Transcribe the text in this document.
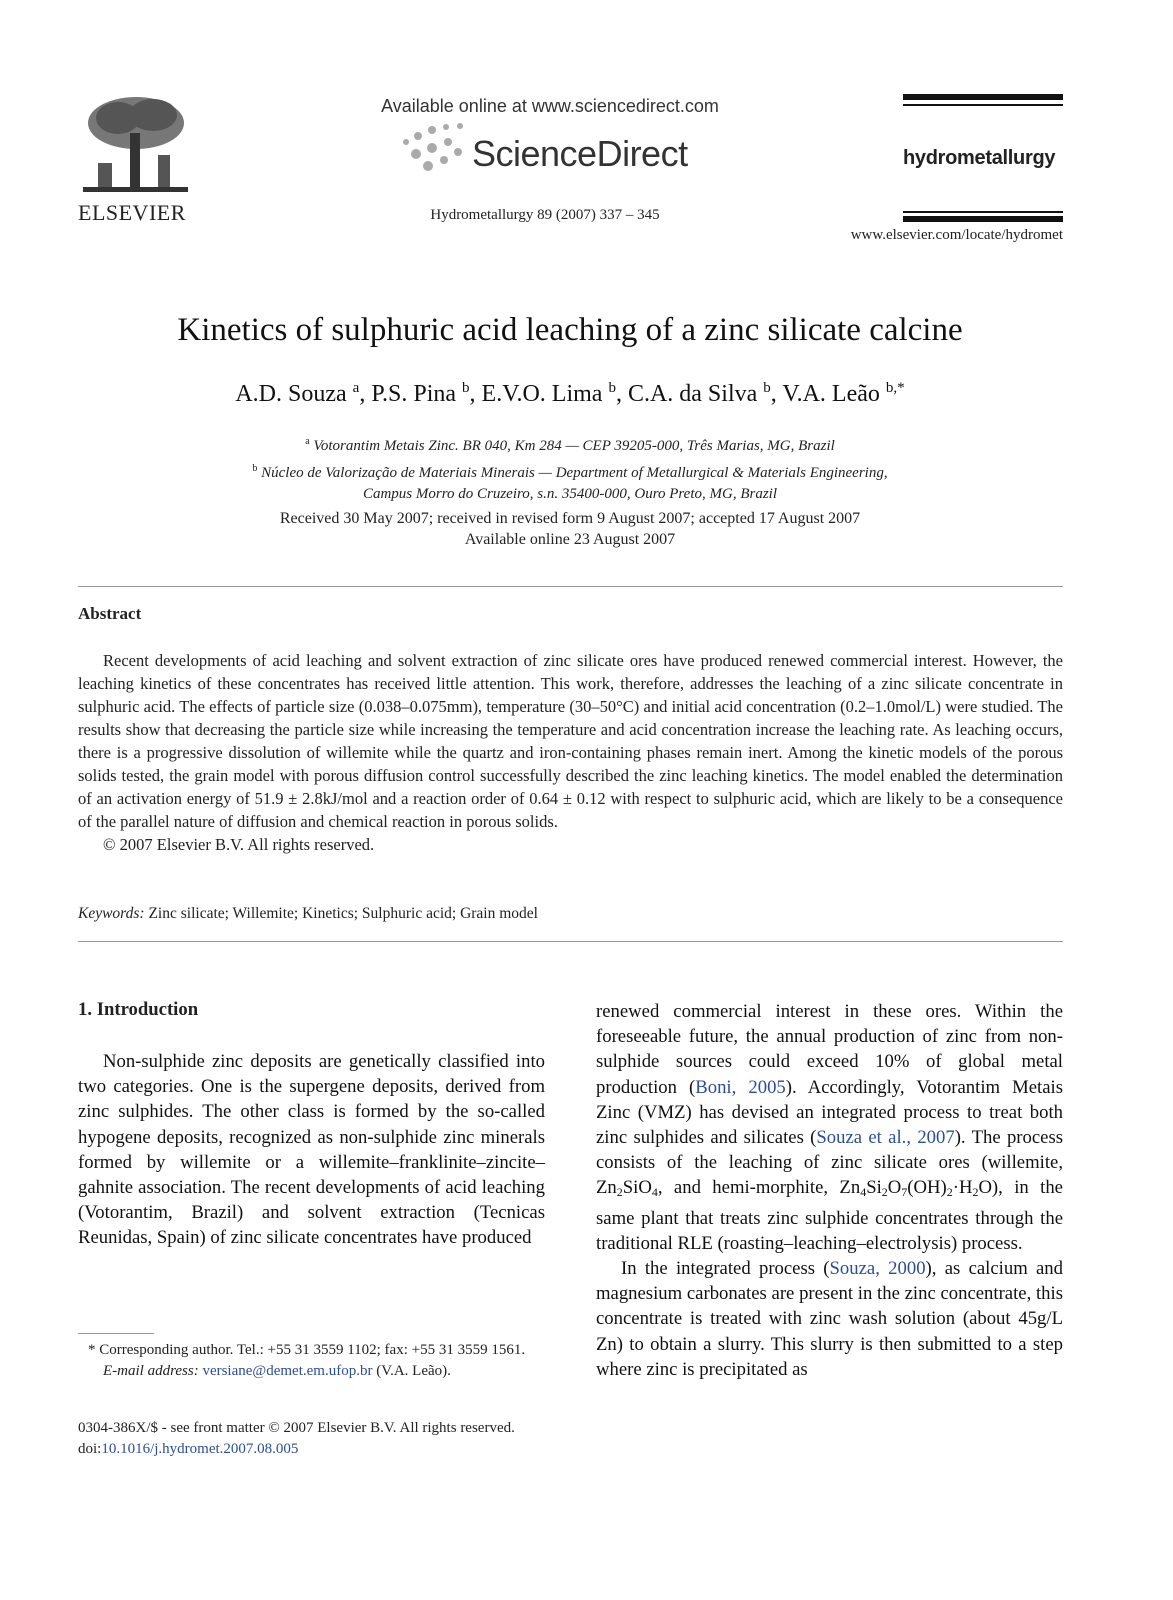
ELSEVIER
Available online at www.sciencedirect.com
ScienceDirect
Hydrometallurgy 89 (2007) 337 – 345
hydrometallurgy
www.elsevier.com/locate/hydromet
Kinetics of sulphuric acid leaching of a zinc silicate calcine
A.D. Souza $^a$, P.S. Pina $^b$, E.V.O. Lima $^b$, C.A. da Silva $^b$, V.A. Leão $^{b,*}$
$^a$ Votorantim Metais Zinc. BR 040, Km 284 — CEP 39205-000, Três Marias, MG, Brazil
$^b$ Núcleo de Valorização de Materiais Minerais — Department of Metallurgical & Materials Engineering,
Campus Morro do Cruzeiro, s.n. 35400-000, Ouro Preto, MG, Brazil
Received 30 May 2007; received in revised form 9 August 2007; accepted 17 August 2007
Available online 23 August 2007
Abstract

Recent developments of acid leaching and solvent extraction of zinc silicate ores have produced renewed commercial interest. However, the leaching kinetics of these concentrates has received little attention. This work, therefore, addresses the leaching of a zinc silicate concentrate in sulphuric acid. The effects of particle size (0.038–0.075mm), temperature (30–50°C) and initial acid concentration (0.2–1.0mol/L) were studied. The results show that decreasing the particle size while increasing the temperature and acid concentration increase the leaching rate. As leaching occurs, there is a progressive dissolution of willemite while the quartz and iron-containing phases remain inert. Among the kinetic models of the porous solids tested, the grain model with porous diffusion control successfully described the zinc leaching kinetics. The model enabled the determination of an activation energy of 51.9 ± 2.8kJ/mol and a reaction order of 0.64 ± 0.12 with respect to sulphuric acid, which are likely to be a consequence of the parallel nature of diffusion and chemical reaction in porous solids.

© 2007 Elsevier B.V. All rights reserved.

Keywords: Zinc silicate; Willemite; Kinetics; Sulphuric acid; Grain model
1. Introduction
Non-sulphide zinc deposits are genetically classified into two categories. One is the supergene deposits, derived from zinc sulphides. The other class is formed by the so-called hypogene deposits, recognized as non-sulphide zinc minerals formed by willemite or a willemite–franklinite–zincite–gahnite association. The recent developments of acid leaching (Votorantim, Brazil) and solvent extraction (Tecnicas Reunidas, Spain) of zinc silicate concentrates have produced

* Corresponding author. Tel.: +55 31 3559 1102; fax: +55 31 3559 1561.

E-mail address: versiane@demet.em.ufop.br (V.A. Leão).

0304-386X/$ - see front matter © 2007 Elsevier B.V. All rights reserved.
doi:10.1016/j.hydromet.2007.08.005

renewed commercial interest in these ores. Within the foreseeable future, the annual production of zinc from non-sulphide sources could exceed 10% of global metal production (Boni, 2005). Accordingly, Votorantim Metais Zinc (VMZ) has devised an integrated process to treat both zinc sulphides and silicates (Souza et al., 2007). The process consists of the leaching of zinc silicate ores (willemite, $Zn_2SiO_4$, and hemi-morphite, $Zn_4Si_2O_7(OH)_2\cdot H_2O$), in the same plant that treats zinc sulphide concentrates through the traditional RLE (roasting–leaching–electrolysis) process.

In the integrated process (Souza, 2000), as calcium and magnesium carbonates are present in the zinc concentrate, this concentrate is treated with zinc wash solution (about 45g/L Zn) to obtain a slurry. This slurry is then submitted to a step where zinc is precipitated as
